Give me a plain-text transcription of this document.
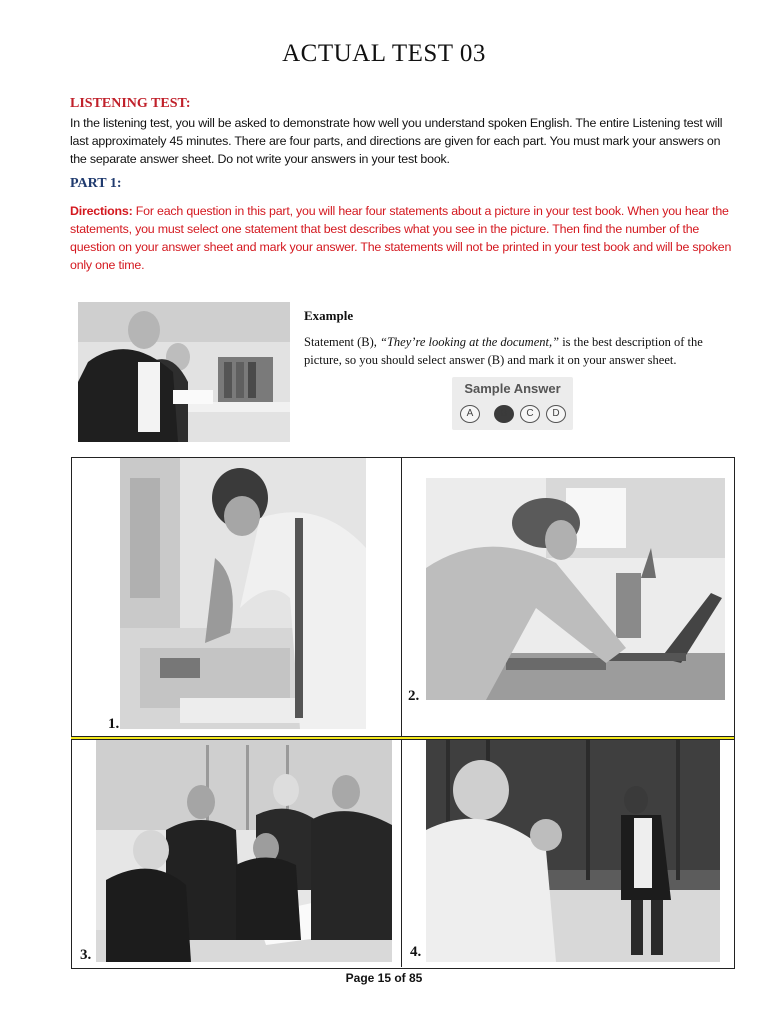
ACTUAL TEST 03
LISTENING TEST:
In the listening test, you will be asked to demonstrate how well you understand spoken English. The entire Listening test will last approximately 45 minutes. There are four parts, and directions are given for each part. You must mark your answers on the separate answer sheet. Do not write your answers in your test book.
PART 1:
Directions: For each question in this part, you will hear four statements about a picture in your test book. When you hear the statements, you must select one statement that best describes what you see in the picture. Then find the number of the question on your answer sheet and mark your answer. The statements will not be printed in your test book and will be spoken only one time.
Example
Statement (B), “They’re looking at the document,” is the best description of the picture, so you should select answer (B) and mark it on your answer sheet.
Sample Answer
A	B	C	D
1.
2.
3.	4.
Page 15 of 85
